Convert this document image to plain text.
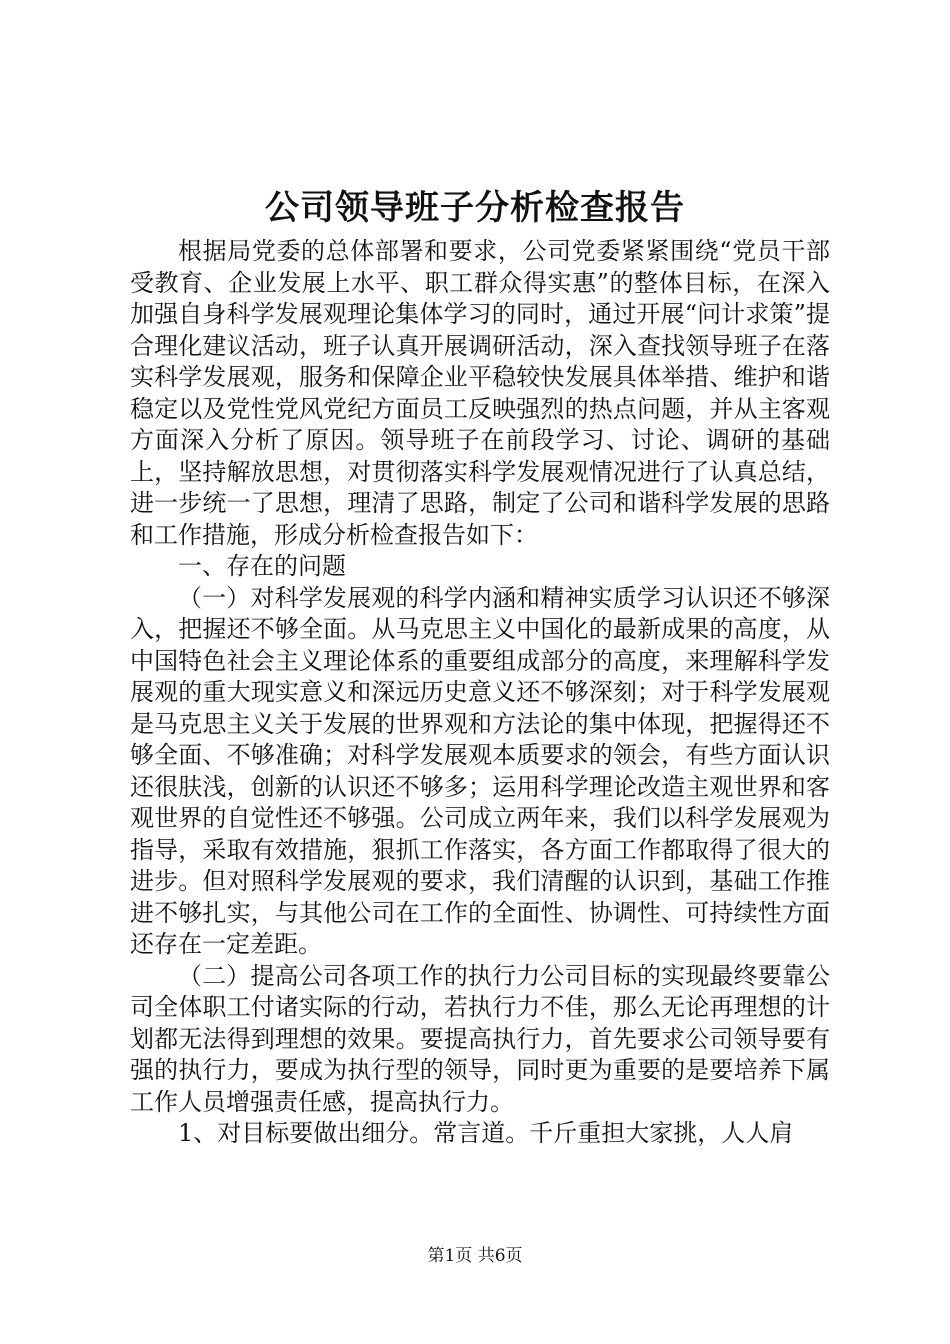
公司领导班子分析检查报告

根据局党委的总体部署和要求，公司党委紧紧围绕“党员干部受教育、企业发展上水平、职工群众得实惠”的整体目标，在深入加强自身科学发展观理论集体学习的同时，通过开展“问计求策”提合理化建议活动，班子认真开展调研活动，深入查找领导班子在落实科学发展观，服务和保障企业平稳较快发展具体举措、维护和谐稳定以及党性党风党纪方面员工反映强烈的热点问题，并从主客观方面深入分析了原因。领导班子在前段学习、讨论、调研的基础上，坚持解放思想，对贯彻落实科学发展观情况进行了认真总结，进一步统一了思想，理清了思路，制定了公司和谐科学发展的思路和工作措施，形成分析检查报告如下：

一、存在的问题

（一）对科学发展观的科学内涵和精神实质学习认识还不够深入，把握还不够全面。从马克思主义中国化的最新成果的高度，从中国特色社会主义理论体系的重要组成部分的高度，来理解科学发展观的重大现实意义和深远历史意义还不够深刻；对于科学发展观是马克思主义关于发展的世界观和方法论的集中体现，把握得还不够全面、不够准确；对科学发展观本质要求的领会，有些方面认识还很肤浅，创新的认识还不够多；运用科学理论改造主观世界和客观世界的自觉性还不够强。公司成立两年来，我们以科学发展观为指导，采取有效措施，狠抓工作落实，各方面工作都取得了很大的进步。但对照科学发展观的要求，我们清醒的认识到，基础工作推进不够扎实，与其他公司在工作的全面性、协调性、可持续性方面还存在一定差距。

（二）提高公司各项工作的执行力公司目标的实现最终要靠公司全体职工付诸实际的行动，若执行力不佳，那么无论再理想的计划都无法得到理想的效果。要提高执行力，首先要求公司领导要有强的执行力，要成为执行型的领导，同时更为重要的是要培养下属工作人员增强责任感，提高执行力。

1、对目标要做出细分。常言道。千斤重担大家挑，人人肩

第1页 共6页
